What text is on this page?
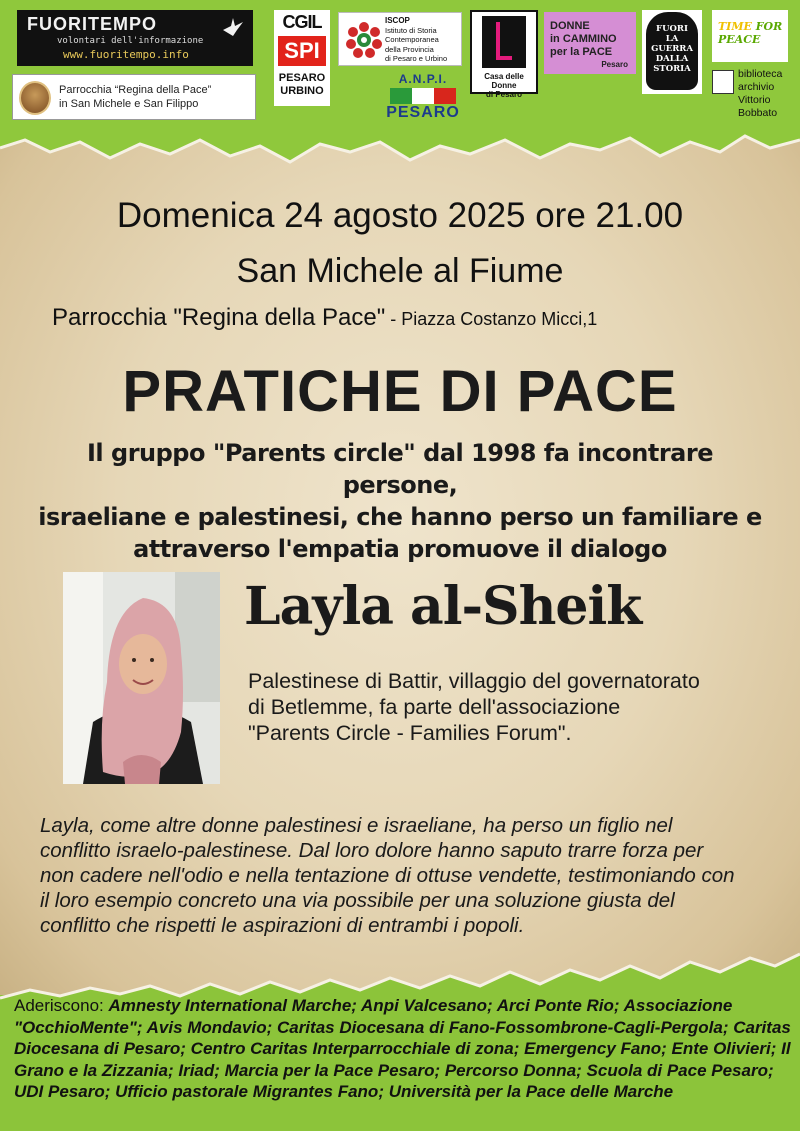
FUORITEMPO
volontari dell'informazione
www.fuoritempo.info
Parrocchia “Regina della Pace”
in San Michele e San Filippo
CGIL
SPI
PESARO
URBINO
ISCOP
Istituto di Storia
Contemporanea
della Provincia
di Pesaro e Urbino
A.N.P.I.
PESARO
Casa delle Donne
di Pesaro
DONNE
in CAMMINO
per la PACE
Pesaro
FUORI
LA
GUERRA
DALLA
STORIA
TIME FOR PEACE
biblioteca
archivio
Vittorio
Bobbato
Domenica 24 agosto 2025 ore 21.00
San Michele al Fiume
Parrocchia "Regina della Pace" - Piazza Costanzo Micci,1
PRATICHE DI PACE
Il gruppo "Parents circle" dal 1998 fa incontrare persone,
israeliane e palestinesi, che hanno perso un familiare e
attraverso l'empatia promuove il dialogo
Layla al-Sheik
Palestinese di Battir, villaggio del governatorato
di Betlemme, fa parte dell'associazione
"Parents Circle - Families Forum".
Layla, come altre donne palestinesi e israeliane, ha perso un figlio nel
conflitto israelo-palestinese. Dal loro dolore hanno saputo trarre forza per
non cadere nell'odio e nella tentazione di ottuse vendette, testimoniando con
il loro esempio concreto una via possibile per una soluzione giusta del
conflitto che rispetti le aspirazioni di entrambi i popoli.
Aderiscono: Amnesty International Marche; Anpi Valcesano; Arci Ponte Rio; Associazione "OcchioMente"; Avis Mondavio; Caritas Diocesana di Fano-Fossombrone-Cagli-Pergola; Caritas Diocesana di Pesaro; Centro Caritas Interparrocchiale di zona; Emergency Fano; Ente Olivieri; Il Grano e la Zizzania; Iriad; Marcia per la Pace Pesaro; Percorso Donna; Scuola di Pace Pesaro; UDI Pesaro; Ufficio pastorale Migrantes Fano; Università per la Pace delle Marche
